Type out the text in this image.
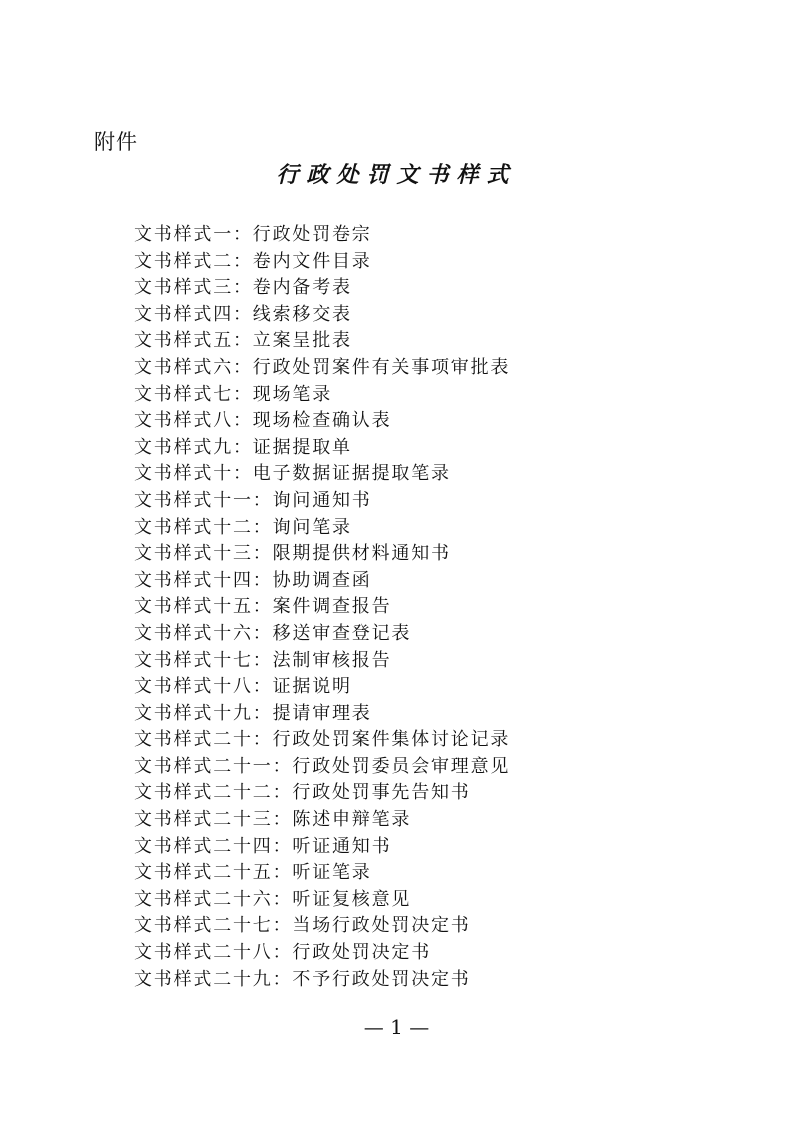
附件
行政处罚文书样式
文书样式一：行政处罚卷宗
文书样式二：卷内文件目录
文书样式三：卷内备考表
文书样式四：线索移交表
文书样式五：立案呈批表
文书样式六：行政处罚案件有关事项审批表
文书样式七：现场笔录
文书样式八：现场检查确认表
文书样式九：证据提取单
文书样式十：电子数据证据提取笔录
文书样式十一：询问通知书
文书样式十二：询问笔录
文书样式十三：限期提供材料通知书
文书样式十四：协助调查函
文书样式十五：案件调查报告
文书样式十六：移送审查登记表
文书样式十七：法制审核报告
文书样式十八：证据说明
文书样式十九：提请审理表
文书样式二十：行政处罚案件集体讨论记录
文书样式二十一：行政处罚委员会审理意见
文书样式二十二：行政处罚事先告知书
文书样式二十三：陈述申辩笔录
文书样式二十四：听证通知书
文书样式二十五：听证笔录
文书样式二十六：听证复核意见
文书样式二十七：当场行政处罚决定书
文书样式二十八：行政处罚决定书
文书样式二十九：不予行政处罚决定书
— 1 —
